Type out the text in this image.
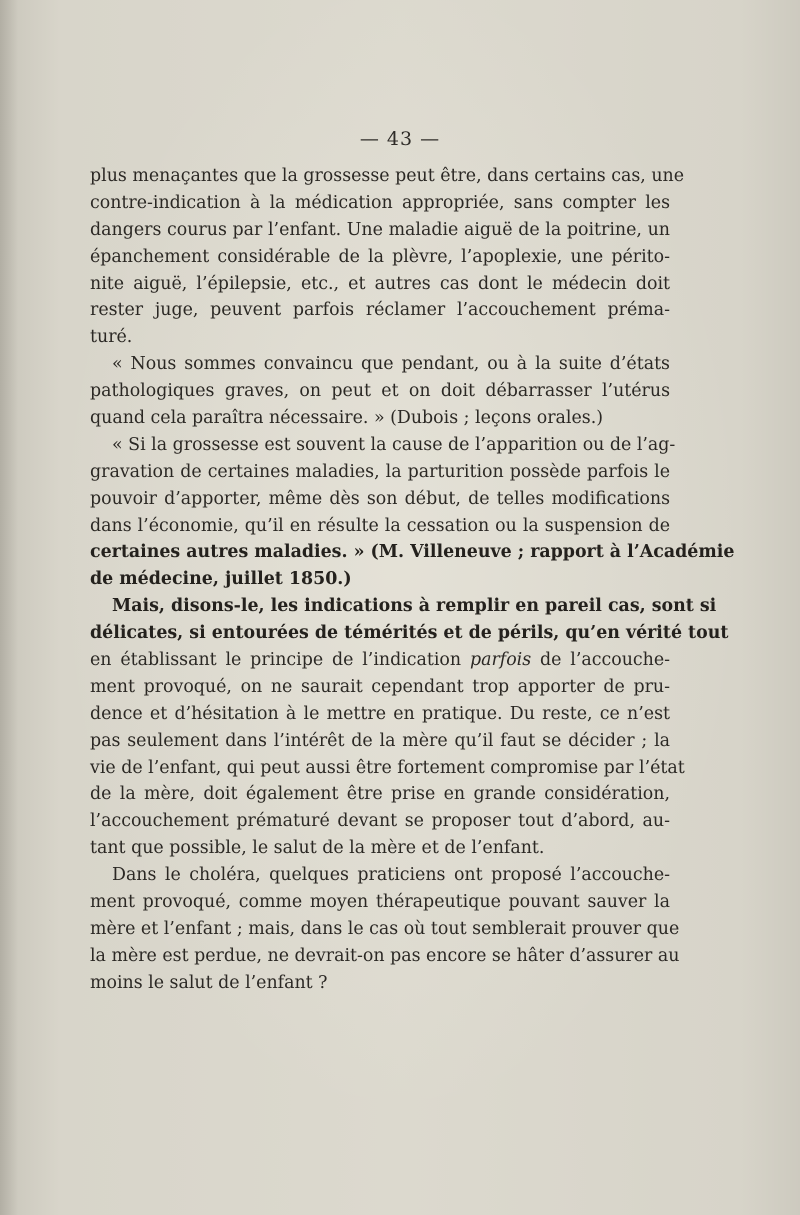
— 43 —
plus menaçantes que la grossesse peut être, dans certains cas, une
contre-indication à la médication appropriée, sans compter les
dangers courus par l’enfant. Une maladie aiguë de la poitrine, un
épanchement considérable de la plèvre, l’apoplexie, une périto-
nite aiguë, l’épilepsie, etc., et autres cas dont le médecin doit
rester juge, peuvent parfois réclamer l’accouchement préma-
turé.
« Nous sommes convaincu que pendant, ou à la suite d’états
pathologiques graves, on peut et on doit débarrasser l’utérus
quand cela paraîtra nécessaire. » (Dubois ; leçons orales.)
« Si la grossesse est souvent la cause de l’apparition ou de l’ag-
gravation de certaines maladies, la parturition possède parfois le
pouvoir d’apporter, même dès son début, de telles modifications
dans l’économie, qu’il en résulte la cessation ou la suspension de
certaines autres maladies. » (M. Villeneuve ; rapport à l’Académie
de médecine, juillet 1850.)
Mais, disons-le, les indications à remplir en pareil cas, sont si
délicates, si entourées de témérités et de périls, qu’en vérité tout
en établissant le principe de l’indication parfois de l’accouche-
ment provoqué, on ne saurait cependant trop apporter de pru-
dence et d’hésitation à le mettre en pratique. Du reste, ce n’est
pas seulement dans l’intérêt de la mère qu’il faut se décider ; la
vie de l’enfant, qui peut aussi être fortement compromise par l’état
de la mère, doit également être prise en grande considération,
l’accouchement prématuré devant se proposer tout d’abord, au-
tant que possible, le salut de la mère et de l’enfant.
Dans le choléra, quelques praticiens ont proposé l’accouche-
ment provoqué, comme moyen thérapeutique pouvant sauver la
mère et l’enfant ; mais, dans le cas où tout semblerait prouver que
la mère est perdue, ne devrait-on pas encore se hâter d’assurer au
moins le salut de l’enfant ?
